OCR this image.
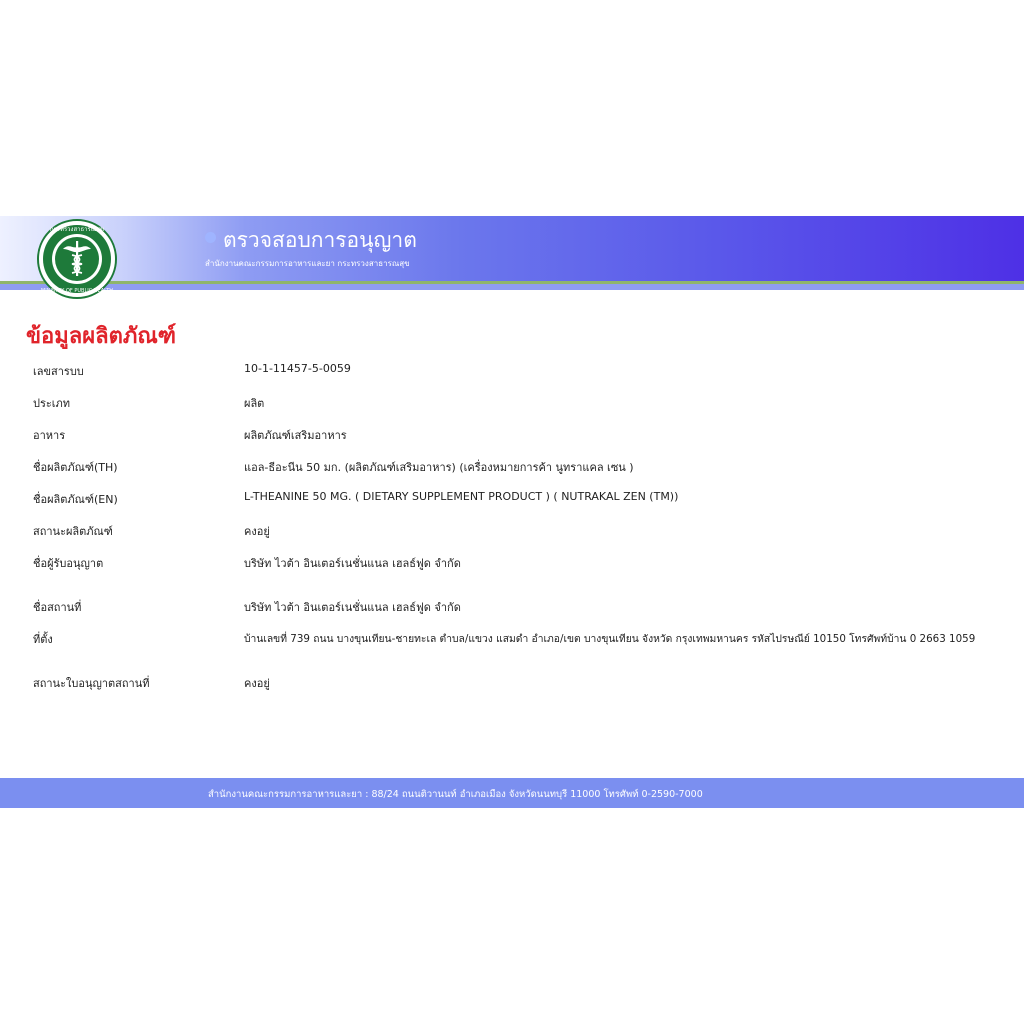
กระทรวงสาธารณสุข
MINISTRY OF PUBLIC HEALTH
ตรวจสอบการอนุญาต
สำนักงานคณะกรรมการอาหารและยา กระทรวงสาธารณสุข
ข้อมูลผลิตภัณฑ์
เลขสารบบ	10-1-11457-5-0059
ประเภท	ผลิต
อาหาร	ผลิตภัณฑ์เสริมอาหาร
ชื่อผลิตภัณฑ์(TH)	แอล-ธีอะนีน 50 มก. (ผลิตภัณฑ์เสริมอาหาร) (เครื่องหมายการค้า นูทราแคล เซน )
ชื่อผลิตภัณฑ์(EN)	L-THEANINE 50 MG. ( DIETARY SUPPLEMENT PRODUCT ) ( NUTRAKAL ZEN (TM))
สถานะผลิตภัณฑ์	คงอยู่
ชื่อผู้รับอนุญาต	บริษัท ไวต้า อินเตอร์เนชั่นแนล เฮลธ์ฟูด จำกัด
ชื่อสถานที่	บริษัท ไวต้า อินเตอร์เนชั่นแนล เฮลธ์ฟูด จำกัด
ที่ตั้ง	บ้านเลขที่ 739 ถนน บางขุนเทียน-ชายทะเล ตำบล/แขวง แสมดำ อำเภอ/เขต บางขุนเทียน จังหวัด กรุงเทพมหานคร รหัสไปรษณีย์ 10150 โทรศัพท์บ้าน 0 2663 1059
สถานะใบอนุญาตสถานที่	คงอยู่
สำนักงานคณะกรรมการอาหารและยา : 88/24 ถนนติวานนท์ อำเภอเมือง จังหวัดนนทบุรี 11000 โทรศัพท์ 0-2590-7000
